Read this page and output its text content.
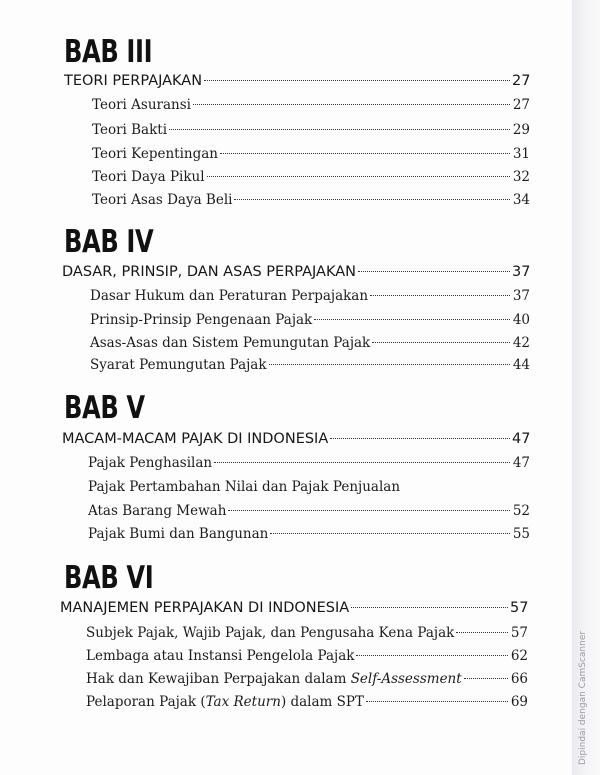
BAB III
TEORI PERPAJAKAN	27
Teori Asuransi	27
Teori Bakti	29
Teori Kepentingan	31
Teori Daya Pikul	32
Teori Asas Daya Beli	34
BAB IV
DASAR, PRINSIP, DAN ASAS PERPAJAKAN	37
Dasar Hukum dan Peraturan Perpajakan	37
Prinsip-Prinsip Pengenaan Pajak	40
Asas-Asas dan Sistem Pemungutan Pajak	42
Syarat Pemungutan Pajak	44
BAB V
MACAM-MACAM PAJAK DI INDONESIA	47
Pajak Penghasilan	47
Pajak Pertambahan Nilai dan Pajak Penjualan
Atas Barang Mewah	52
Pajak Bumi dan Bangunan	55
BAB VI
MANAJEMEN PERPAJAKAN DI INDONESIA	57
Subjek Pajak, Wajib Pajak, dan Pengusaha Kena Pajak	57
Lembaga atau Instansi Pengelola Pajak	62
Hak dan Kewajiban Perpajakan dalam Self-Assessment	66
Pelaporan Pajak (Tax Return) dalam SPT	69	Dipindai dengan CamScanner
